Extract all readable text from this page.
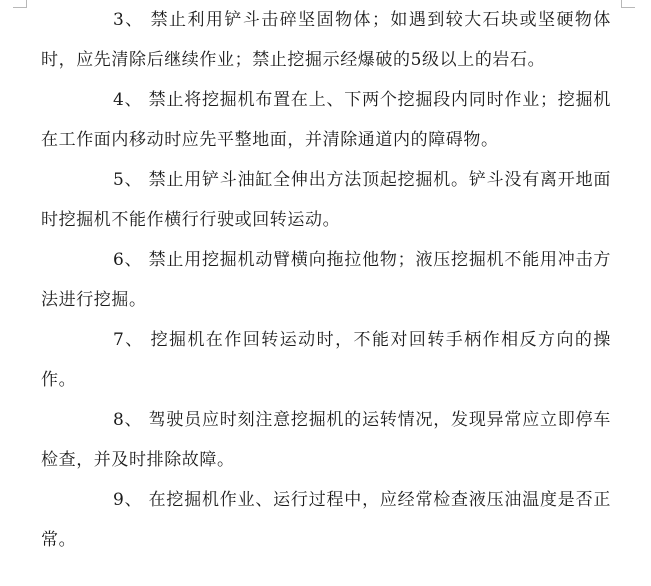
3、 禁止利用铲斗击碎坚固物体；如遇到较大石块或坚硬物体时，应先清除后继续作业；禁止挖掘示经爆破的5级以上的岩石。

4、 禁止将挖掘机布置在上、下两个挖掘段内同时作业；挖掘机在工作面内移动时应先平整地面，并清除通道内的障碍物。

5、 禁止用铲斗油缸全伸出方法顶起挖掘机。铲斗没有离开地面时挖掘机不能作横行行驶或回转运动。

6、 禁止用挖掘机动臂横向拖拉他物；液压挖掘机不能用冲击方法进行挖掘。

7、 挖掘机在作回转运动时，不能对回转手柄作相反方向的操作。

8、 驾驶员应时刻注意挖掘机的运转情况，发现异常应立即停车检查，并及时排除故障。

9、 在挖掘机作业、运行过程中，应经常检查液压油温度是否正常。
